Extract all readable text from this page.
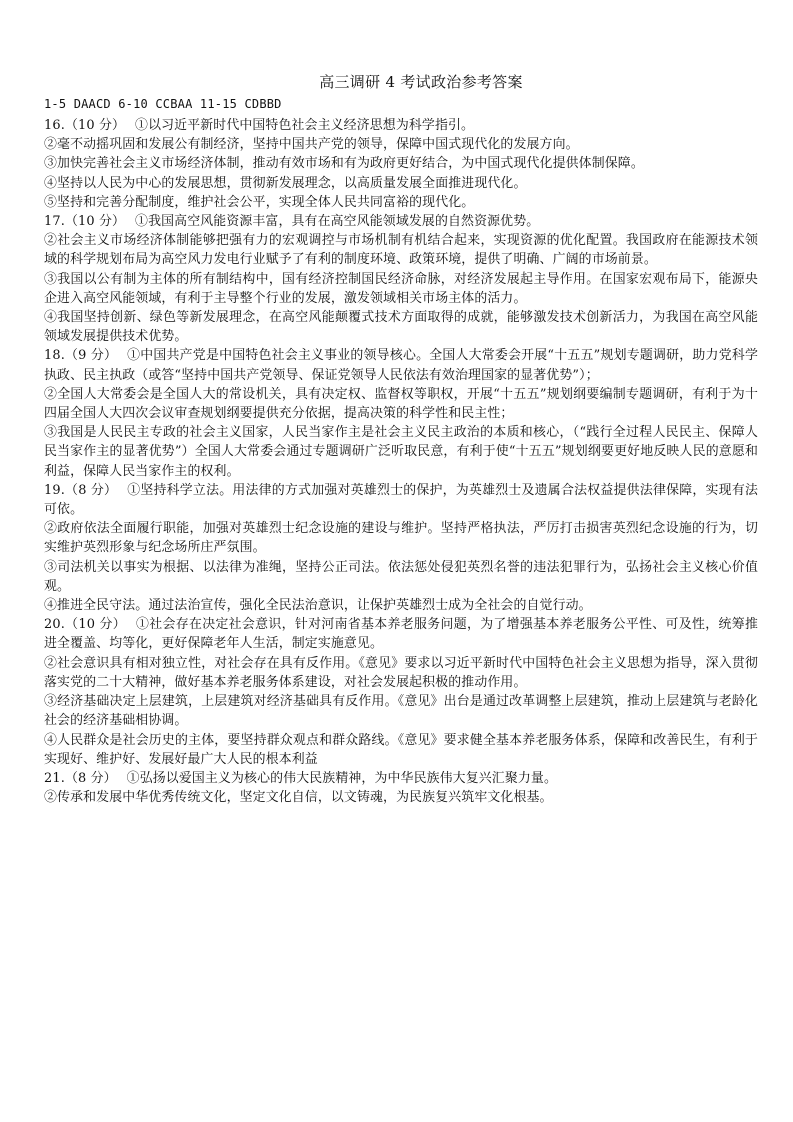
高三调研 4 考试政治参考答案
1-5 DAACD 6-10 CCBAA 11-15 CDBBD

16.（10 分） ①以习近平新时代中国特色社会主义经济思想为科学指引。

②毫不动摇巩固和发展公有制经济，坚持中国共产党的领导，保障中国式现代化的发展方向。

③加快完善社会主义市场经济体制，推动有效市场和有为政府更好结合，为中国式现代化提供体制保障。

④坚持以人民为中心的发展思想，贯彻新发展理念，以高质量发展全面推进现代化。

⑤坚持和完善分配制度，维护社会公平，实现全体人民共同富裕的现代化。

17.（10 分） ①我国高空风能资源丰富，具有在高空风能领域发展的自然资源优势。

②社会主义市场经济体制能够把强有力的宏观调控与市场机制有机结合起来，实现资源的优化配置。我国政府在能源技术领域的科学规划布局为高空风力发电行业赋予了有利的制度环境、政策环境，提供了明确、广阔的市场前景。

③我国以公有制为主体的所有制结构中，国有经济控制国民经济命脉，对经济发展起主导作用。在国家宏观布局下，能源央企进入高空风能领域，有利于主导整个行业的发展，激发领域相关市场主体的活力。

④我国坚持创新、绿色等新发展理念，在高空风能颠覆式技术方面取得的成就，能够激发技术创新活力，为我国在高空风能领域发展提供技术优势。

18.（9 分） ①中国共产党是中国特色社会主义事业的领导核心。全国人大常委会开展“十五五”规划专题调研，助力党科学执政、民主执政（或答“坚持中国共产党领导、保证党领导人民依法有效治理国家的显著优势”）；

②全国人大常委会是全国人大的常设机关，具有决定权、监督权等职权，开展“十五五”规划纲要编制专题调研，有利于为十四届全国人大四次会议审查规划纲要提供充分依据，提高决策的科学性和民主性；

③我国是人民民主专政的社会主义国家，人民当家作主是社会主义民主政治的本质和核心，（“践行全过程人民民主、保障人民当家作主的显著优势”）全国人大常委会通过专题调研广泛听取民意，有利于使“十五五”规划纲要更好地反映人民的意愿和利益，保障人民当家作主的权利。

19.（8 分） ①坚持科学立法。用法律的方式加强对英雄烈士的保护，为英雄烈士及遗属合法权益提供法律保障，实现有法可依。

②政府依法全面履行职能，加强对英雄烈士纪念设施的建设与维护。坚持严格执法，严厉打击损害英烈纪念设施的行为，切实维护英烈形象与纪念场所庄严氛围。

③司法机关以事实为根据、以法律为准绳，坚持公正司法。依法惩处侵犯英烈名誉的违法犯罪行为，弘扬社会主义核心价值观。

④推进全民守法。通过法治宣传，强化全民法治意识，让保护英雄烈士成为全社会的自觉行动。

20.（10 分） ①社会存在决定社会意识，针对河南省基本养老服务问题，为了增强基本养老服务公平性、可及性，统筹推进全覆盖、均等化，更好保障老年人生活，制定实施意见。

②社会意识具有相对独立性，对社会存在具有反作用。《意见》要求以习近平新时代中国特色社会主义思想为指导，深入贯彻落实党的二十大精神，做好基本养老服务体系建设，对社会发展起积极的推动作用。

③经济基础决定上层建筑，上层建筑对经济基础具有反作用。《意见》出台是通过改革调整上层建筑，推动上层建筑与老龄化社会的经济基础相协调。

④人民群众是社会历史的主体，要坚持群众观点和群众路线。《意见》要求健全基本养老服务体系，保障和改善民生，有利于实现好、维护好、发展好最广大人民的根本利益

21.（8 分） ①弘扬以爱国主义为核心的伟大民族精神，为中华民族伟大复兴汇聚力量。

②传承和发展中华优秀传统文化，坚定文化自信，以文铸魂，为民族复兴筑牢文化根基。
